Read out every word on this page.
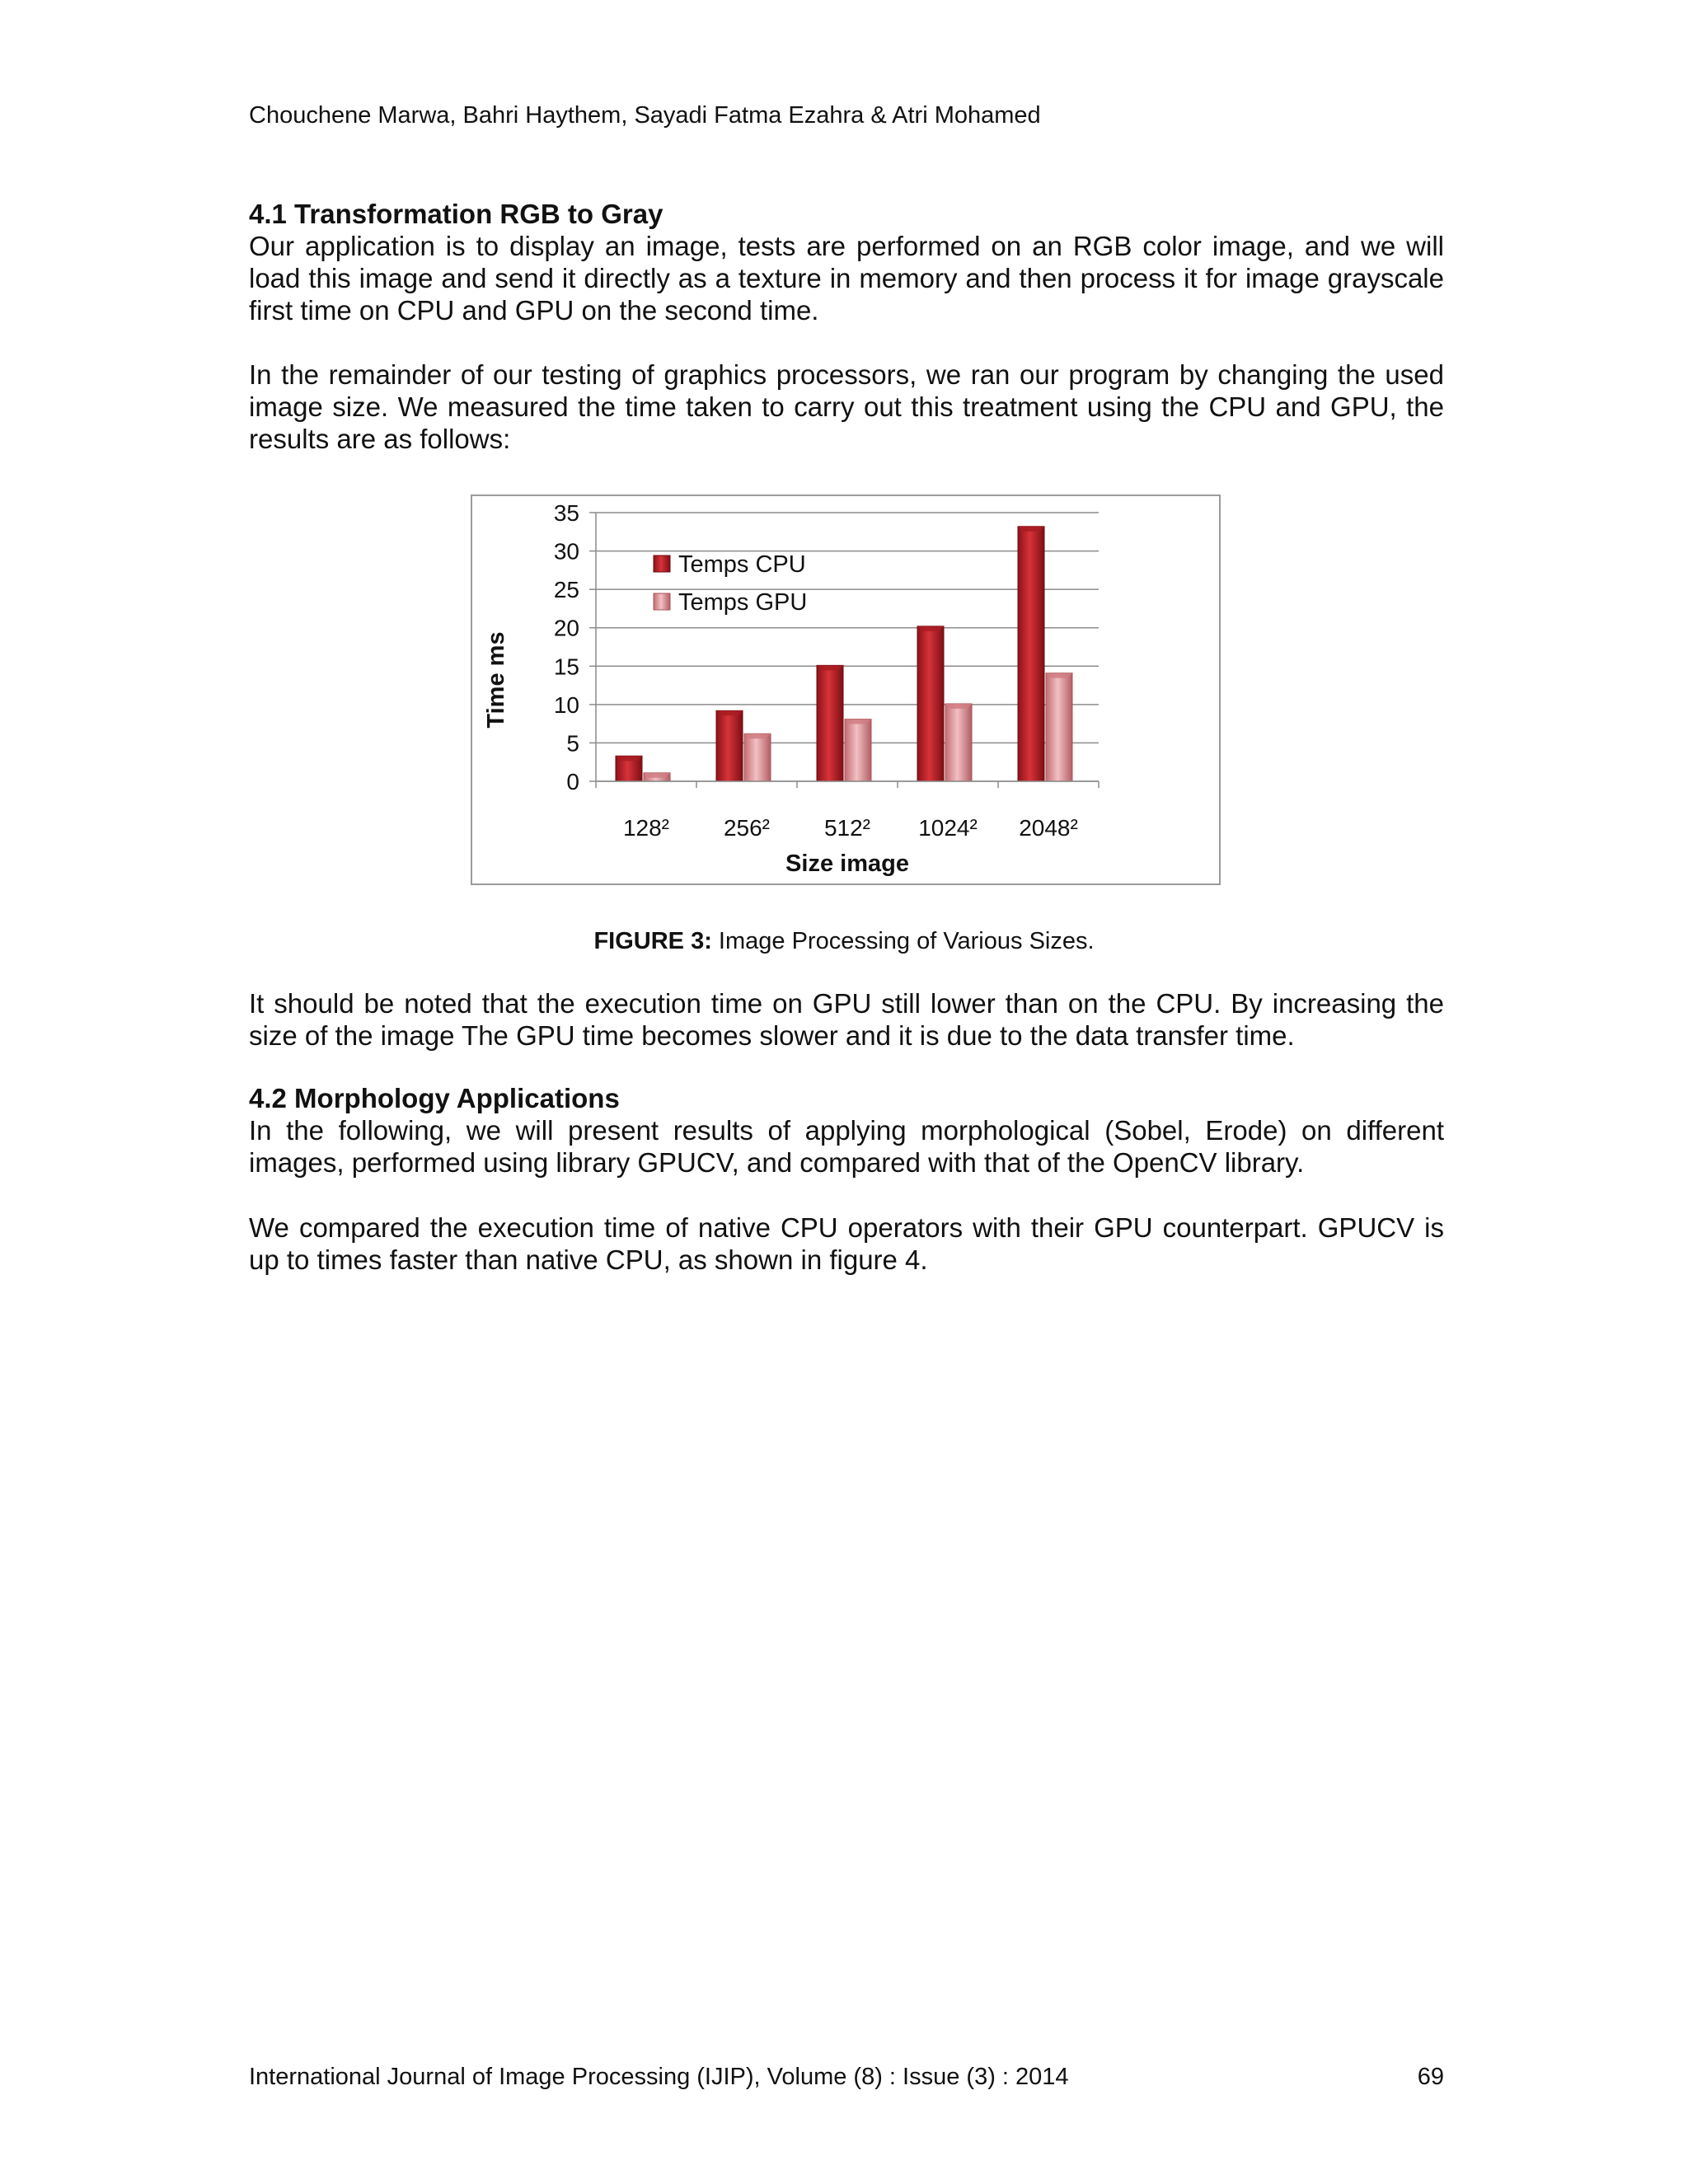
Chouchene Marwa, Bahri Haythem, Sayadi Fatma Ezahra & Atri Mohamed
4.1 Transformation RGB to Gray
Our application is to display an image, tests are performed on an RGB color image, and we will load this image and send it directly as a texture in memory and then process it for image grayscale first time on CPU and GPU on the second time.
In the remainder of our testing of graphics processors, we ran our program by changing the used image size. We measured the time taken to carry out this treatment using the CPU and GPU, the results are as follows:
0
5
10
15
20
25
30
35
128² 256² 512² 1024² 2048²
Size image
Time ms
Temps CPU
Temps GPU
FIGURE 3: Image Processing of Various Sizes.
It should be noted that the execution time on GPU still lower than on the CPU. By increasing the size of the image The GPU time becomes slower and it is due to the data transfer time.
4.2 Morphology Applications
In the following, we will present results of applying morphological (Sobel, Erode) on different images, performed using library GPUCV, and compared with that of the OpenCV library.
We compared the execution time of native CPU operators with their GPU counterpart. GPUCV is up to times faster than native CPU, as shown in figure 4.
International Journal of Image Processing (IJIP), Volume (8) : Issue (3) : 2014	69
